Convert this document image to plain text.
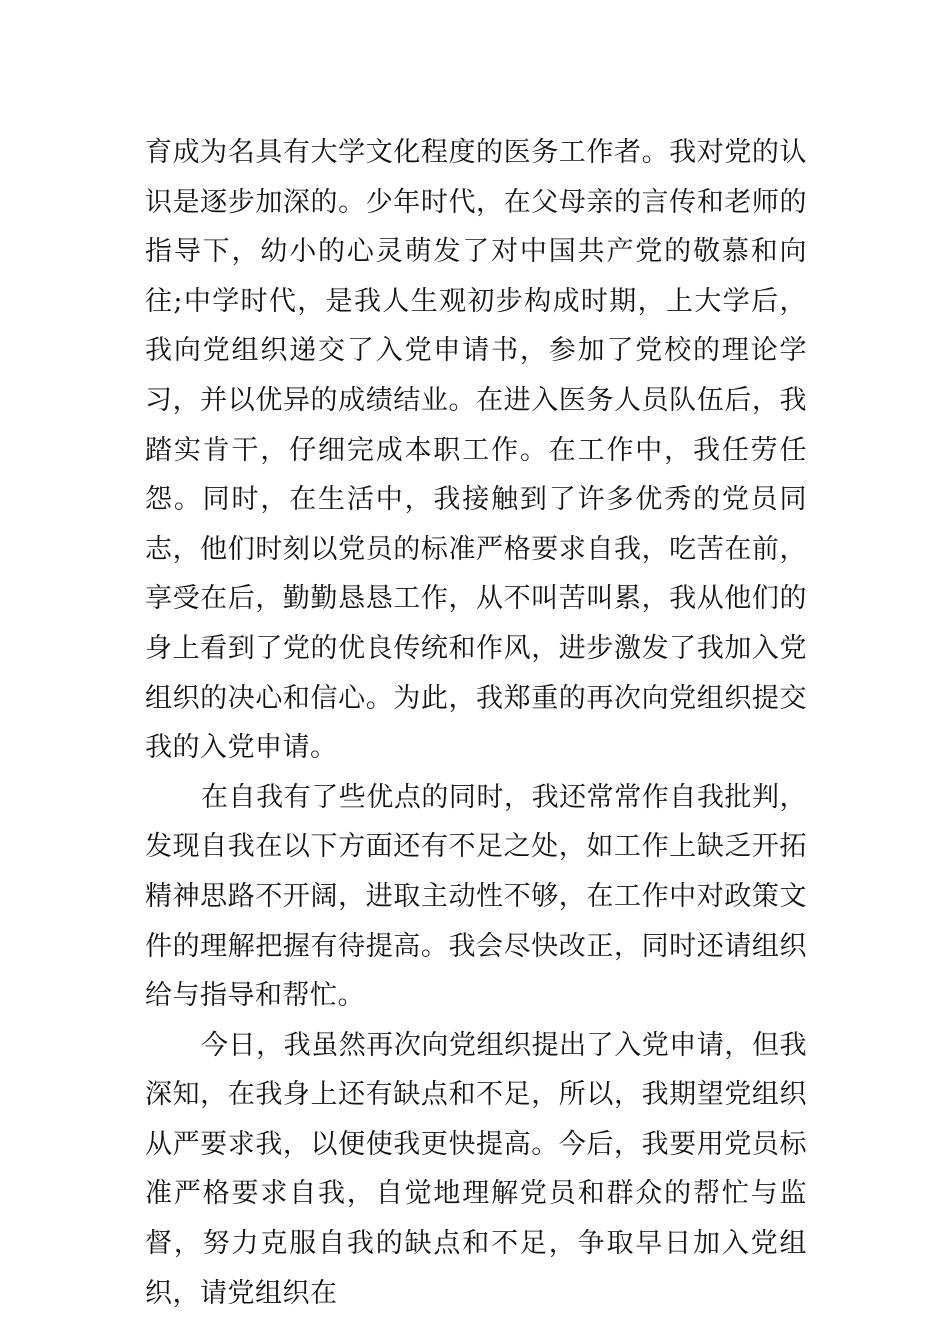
育成为名具有大学文化程度的医务工作者。我对党的认识是逐步加深的。少年时代，在父母亲的言传和老师的指导下，幼小的心灵萌发了对中国共产党的敬慕和向往;中学时代，是我人生观初步构成时期，上大学后，我向党组织递交了入党申请书，参加了党校的理论学习，并以优异的成绩结业。在进入医务人员队伍后，我踏实肯干，仔细完成本职工作。在工作中，我任劳任怨。同时，在生活中，我接触到了许多优秀的党员同志，他们时刻以党员的标准严格要求自我，吃苦在前，享受在后，勤勤恳恳工作，从不叫苦叫累，我从他们的身上看到了党的优良传统和作风，进步激发了我加入党组织的决心和信心。为此，我郑重的再次向党组织提交我的入党申请。

在自我有了些优点的同时，我还常常作自我批判，发现自我在以下方面还有不足之处，如工作上缺乏开拓精神思路不开阔，进取主动性不够，在工作中对政策文件的理解把握有待提高。我会尽快改正，同时还请组织给与指导和帮忙。

今日，我虽然再次向党组织提出了入党申请，但我深知，在我身上还有缺点和不足，所以，我期望党组织从严要求我，以便使我更快提高。今后，我要用党员标准严格要求自我，自觉地理解党员和群众的帮忙与监督，努力克服自我的缺点和不足，争取早日加入党组织，请党组织在
